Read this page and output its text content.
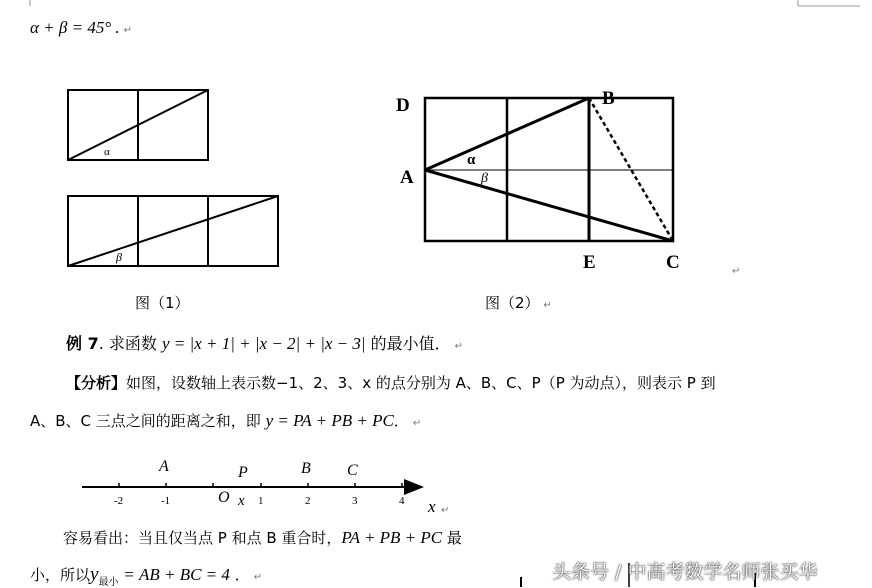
α + β = 45° . ↵
α
β
图（1）
D	B
A
E	C
α
β
图（2） ↵
↵
例 7. 求函数 y = |x + 1| + |x − 2| + |x − 3| 的最小值． ↵
【分析】如图，设数轴上表示数−1、2、3、x 的点分别为 A、B、C、P（P 为动点），则表示 P 到
A、B、C 三点之间的距离之和，即 y = PA + PB + PC． ↵
-2	-1	O	1	2	3	4
A	P	B C
x	x ↵
容易看出：当且仅当点 P 和点 B 重合时，PA + PB + PC 最
小，所以$y_{最小}$ = AB + BC = 4 ． ↵	头条号 / 中高考数学名师张买华
